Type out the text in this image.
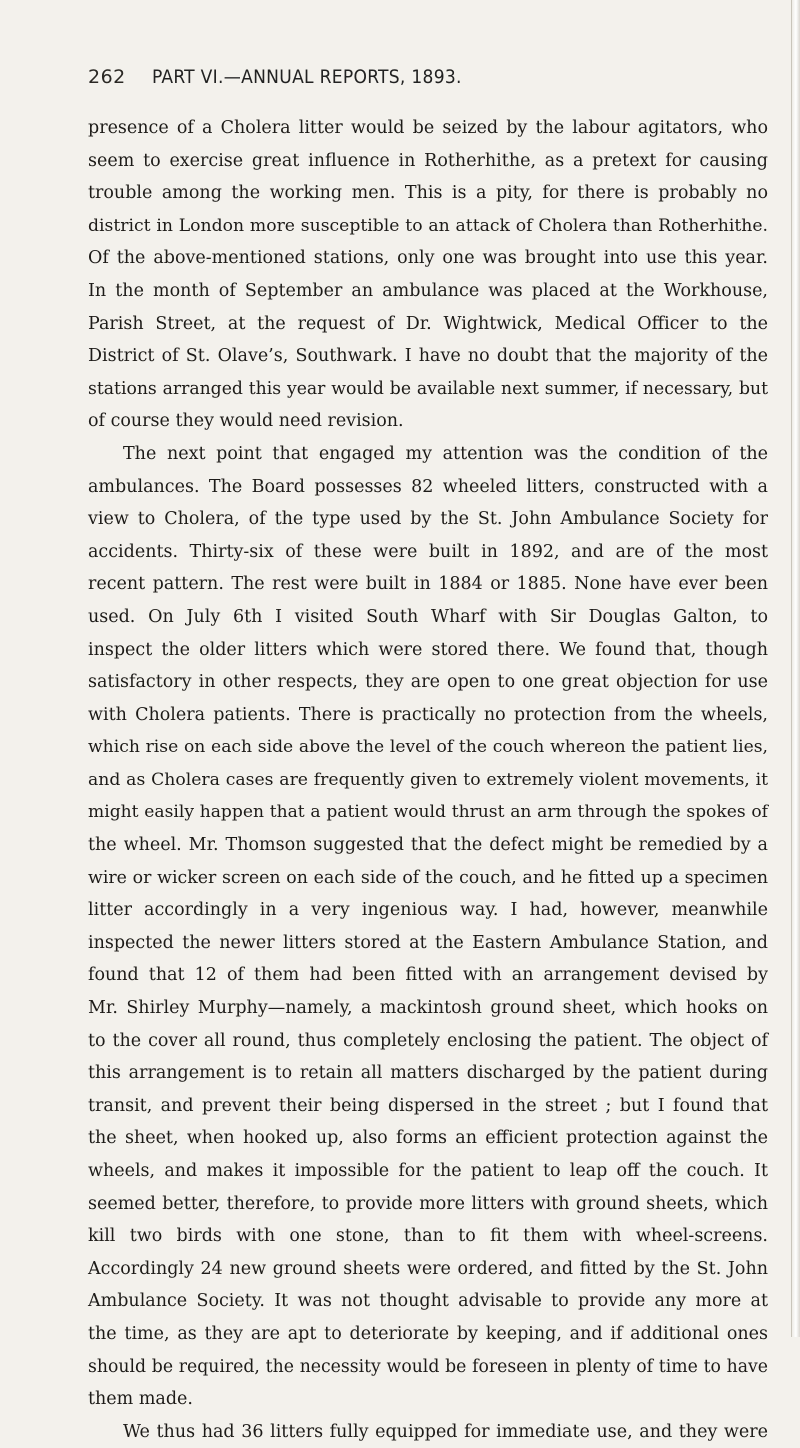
262 PART VI.—ANNUAL REPORTS, 1893.
presence of a Cholera litter would be seized by the labour agitators, who
seem to exercise great influence in Rotherhithe, as a pretext for causing
trouble among the working men. This is a pity, for there is probably no
district in London more susceptible to an attack of Cholera than Rotherhithe.
Of the above-mentioned stations, only one was brought into use this year.
In the month of September an ambulance was placed at the Workhouse,
Parish Street, at the request of Dr. Wightwick, Medical Officer to the
District of St. Olave’s, Southwark. I have no doubt that the majority of the
stations arranged this year would be available next summer, if necessary, but
of course they would need revision.
The next point that engaged my attention was the condition of the
ambulances. The Board possesses 82 wheeled litters, constructed with a
view to Cholera, of the type used by the St. John Ambulance Society for
accidents. Thirty-six of these were built in 1892, and are of the most
recent pattern. The rest were built in 1884 or 1885. None have ever been
used. On July 6th I visited South Wharf with Sir Douglas Galton, to
inspect the older litters which were stored there. We found that, though
satisfactory in other respects, they are open to one great objection for use
with Cholera patients. There is practically no protection from the wheels,
which rise on each side above the level of the couch whereon the patient lies,
and as Cholera cases are frequently given to extremely violent movements, it
might easily happen that a patient would thrust an arm through the spokes of
the wheel. Mr. Thomson suggested that the defect might be remedied by a
wire or wicker screen on each side of the couch, and he fitted up a specimen
litter accordingly in a very ingenious way. I had, however, meanwhile
inspected the newer litters stored at the Eastern Ambulance Station, and
found that 12 of them had been fitted with an arrangement devised by
Mr. Shirley Murphy—namely, a mackintosh ground sheet, which hooks on
to the cover all round, thus completely enclosing the patient. The object of
this arrangement is to retain all matters discharged by the patient during
transit, and prevent their being dispersed in the street ; but I found that
the sheet, when hooked up, also forms an efficient protection against the
wheels, and makes it impossible for the patient to leap off the couch. It
seemed better, therefore, to provide more litters with ground sheets, which
kill two birds with one stone, than to fit them with wheel-screens.
Accordingly 24 new ground sheets were ordered, and fitted by the St. John
Ambulance Society. It was not thought advisable to provide any more at
the time, as they are apt to deteriorate by keeping, and if additional ones
should be required, the necessity would be foreseen in plenty of time to have
them made.
We thus had 36 litters fully equipped for immediate use, and they were
